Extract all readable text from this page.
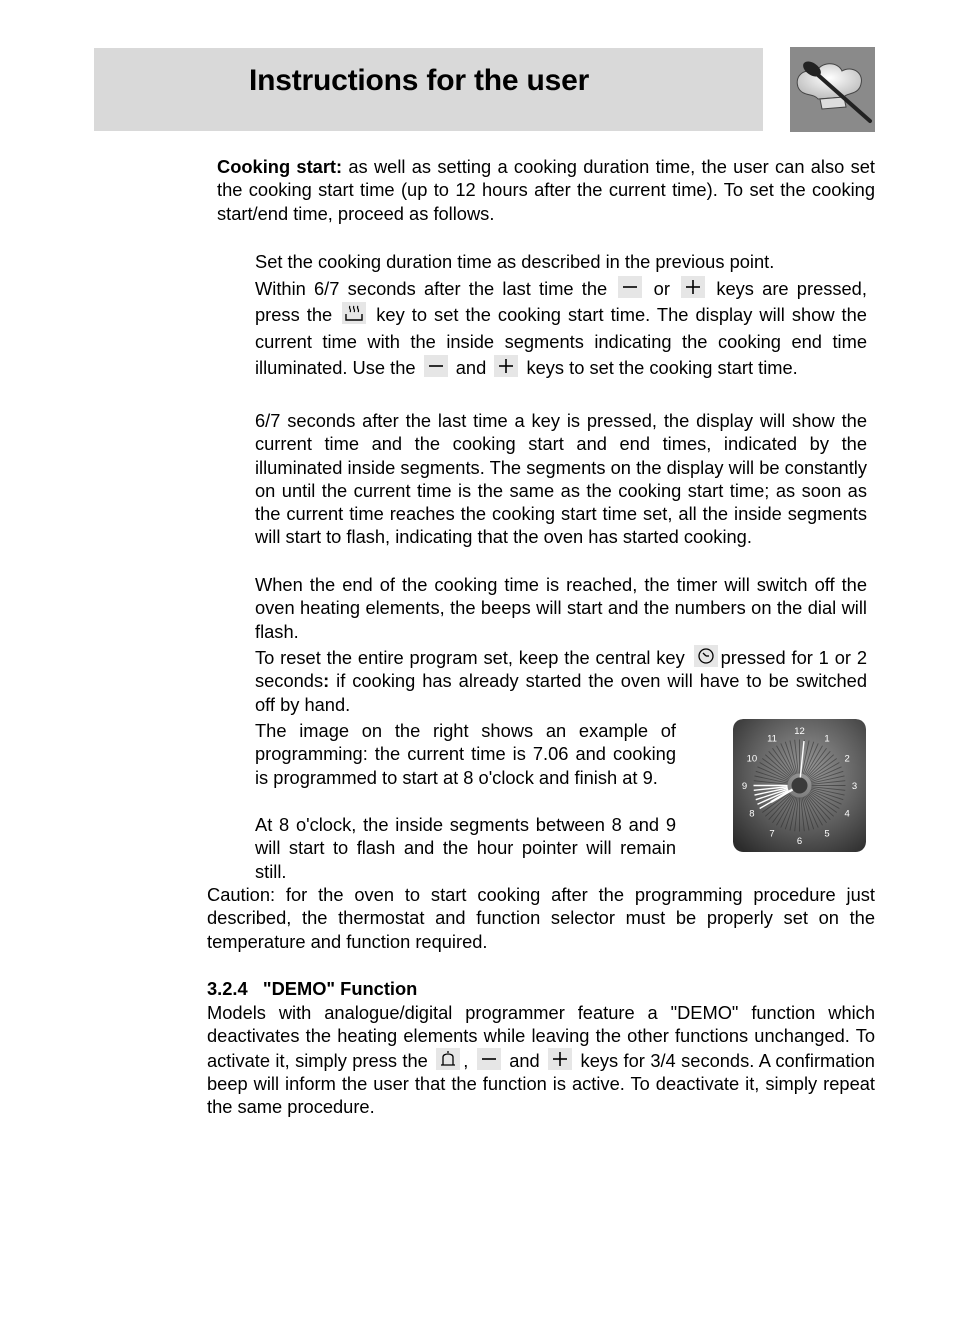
Instructions for the user
Cooking start: as well as setting a cooking duration time, the user can also set the cooking start time (up to 12 hours after the current time). To set the cooking start/end time, proceed as follows.
Set the cooking duration time as described in the previous point.
Within 6/7 seconds after the last time the	or	keys are pressed, press the key to set the cooking start time. The display will show the current time with the inside segments indicating the cooking end time illuminated. Use the and keys to set the cooking start time.
6/7 seconds after the last time a key is pressed, the display will show the current time and the cooking start and end times, indicated by the illuminated inside segments. The segments on the display will be constantly on until the current time is the same as the cooking start time; as soon as the current time reaches the cooking start time set, all the inside segments will start to flash, indicating that the oven has started cooking.
When the end of the cooking time is reached, the timer will switch off the oven heating elements, the beeps will start and the numbers on the dial will flash.
To reset the entire program set, keep the central key pressed for 1 or 2 seconds: if cooking has already started the oven will have to be switched off by hand.
The image on the right shows an example of programming: the current time is 7.06 and cooking is programmed to start at 8 o'clock and finish at 9.
At 8 o'clock, the inside segments between 8 and 9 will start to flash and the hour pointer will remain still.
12
1
2
3
4
5
6
7
8
9
10
11
Caution: for the oven to start cooking after the programming procedure just described, the thermostat and function selector must be properly set on the temperature and function required.
3.2.4   "DEMO" Function
Models with analogue/digital programmer feature a "DEMO" function which deactivates the heating elements while leaving the other functions unchanged. To activate it, simply press the , and keys for 3/4 seconds. A confirmation beep will inform the user that the function is active. To deactivate it, simply repeat the same procedure.
